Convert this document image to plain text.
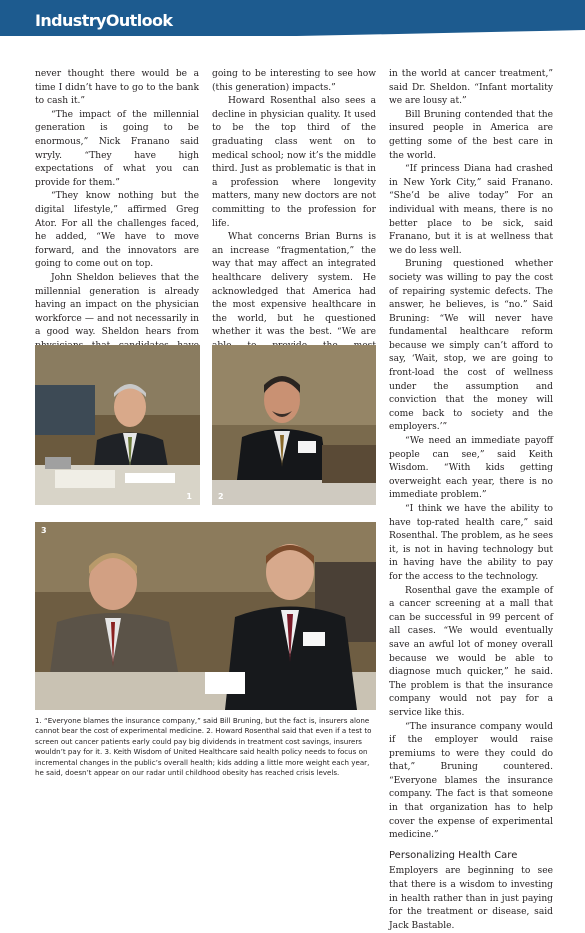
IndustryOutlook

never thought there would be a time I didn’t have to go to the bank to cash it.”

“The impact of the millennial generation is going to be enormous,” Nick Franano said wryly. “They have high expectations of what you can provide for them.”

“They know nothing but the digital lifestyle,” affirmed Greg Ator. For all the challenges faced, he added, “We have to move forward, and the innovators are going to come out on top.

John Sheldon believes that the millennial generation is already having an impact on the physician workforce — and not necessarily in a good way. Sheldon hears from

going to be interesting to see how (this generation) impacts.”

Howard Rosenthal also sees a decline in physician quality. It used to be the top third of the graduating class went on to medical school; now it’s the middle third. Just as problematic is that in a profession where longevity matters, many new doctors are not committing to the profession for life.

What concerns Brian Burns is an increase “fragmentation,” the way that may affect an integrated healthcare delivery system. He acknowledged that America had the most expensive healthcare in the world, but he questioned whether it was the best. “We are

in the world at cancer treatment,” said Dr. Sheldon. “Infant mortality we are lousy at.”

Bill Bruning contended that the insured people in America are getting some of the best care in the world.

“If princess Diana had crashed in New York City,” said Franano. “She’d be alive today” For an individual with means, there is no better place to be sick, said Franano, but it is at wellness that we do less well.

Bruning questioned whether society was willing to pay the cost of repairing systemic defects. The answer, he believes, is “no.” Said Bruning: “We will never have fundamental healthcare reform because we simply can’t afford to say, ‘Wait, stop, we are going to front-load the cost of wellness under the assumption and conviction that the money will come back to society and the employers.’”

“We need an immediate payoff people can see,” said Keith Wisdom. “With kids getting overweight each year, there is no immediate problem.”

“I think we have the ability to have top-rated health care,” said Rosenthal. The problem, as he sees it, is not in having technology but in having have the ability to pay for the access to the technology.

Rosenthal gave the example of a cancer screening at a mall that can be successful in 99 percent of all cases. “We would eventually save an awful lot of money overall because we would be able to diagnose much quicker,” he said. The problem is that the insurance company would not pay for a service like this.

“The insurance company would if the employer would raise premiums to were they could do that,” Bruning countered. “Everyone blames the insurance company. The fact is that someone in that organization has to help cover the expense of experimental medicine.”

Personalizing Health Care

Employers are beginning to see that there is a wisdom to investing in health rather than in just paying for the treatment or disease, said Jack Bastable.

1	2
3
1. “Everyone blames the insurance company,” said Bill Bruning, but the fact is, insurers alone cannot bear the cost of experimental medicine. 2. Howard Rosenthal said that even if a test to screen out cancer patients early could pay big dividends in treatment cost savings, insurers wouldn’t pay for it. 3. Keith Wisdom of United Healthcare said health policy needs to focus on incremental changes in the public’s overall health; kids adding a little more weight each year, he said, doesn’t appear on our radar until childhood obesity has reached crisis levels.
